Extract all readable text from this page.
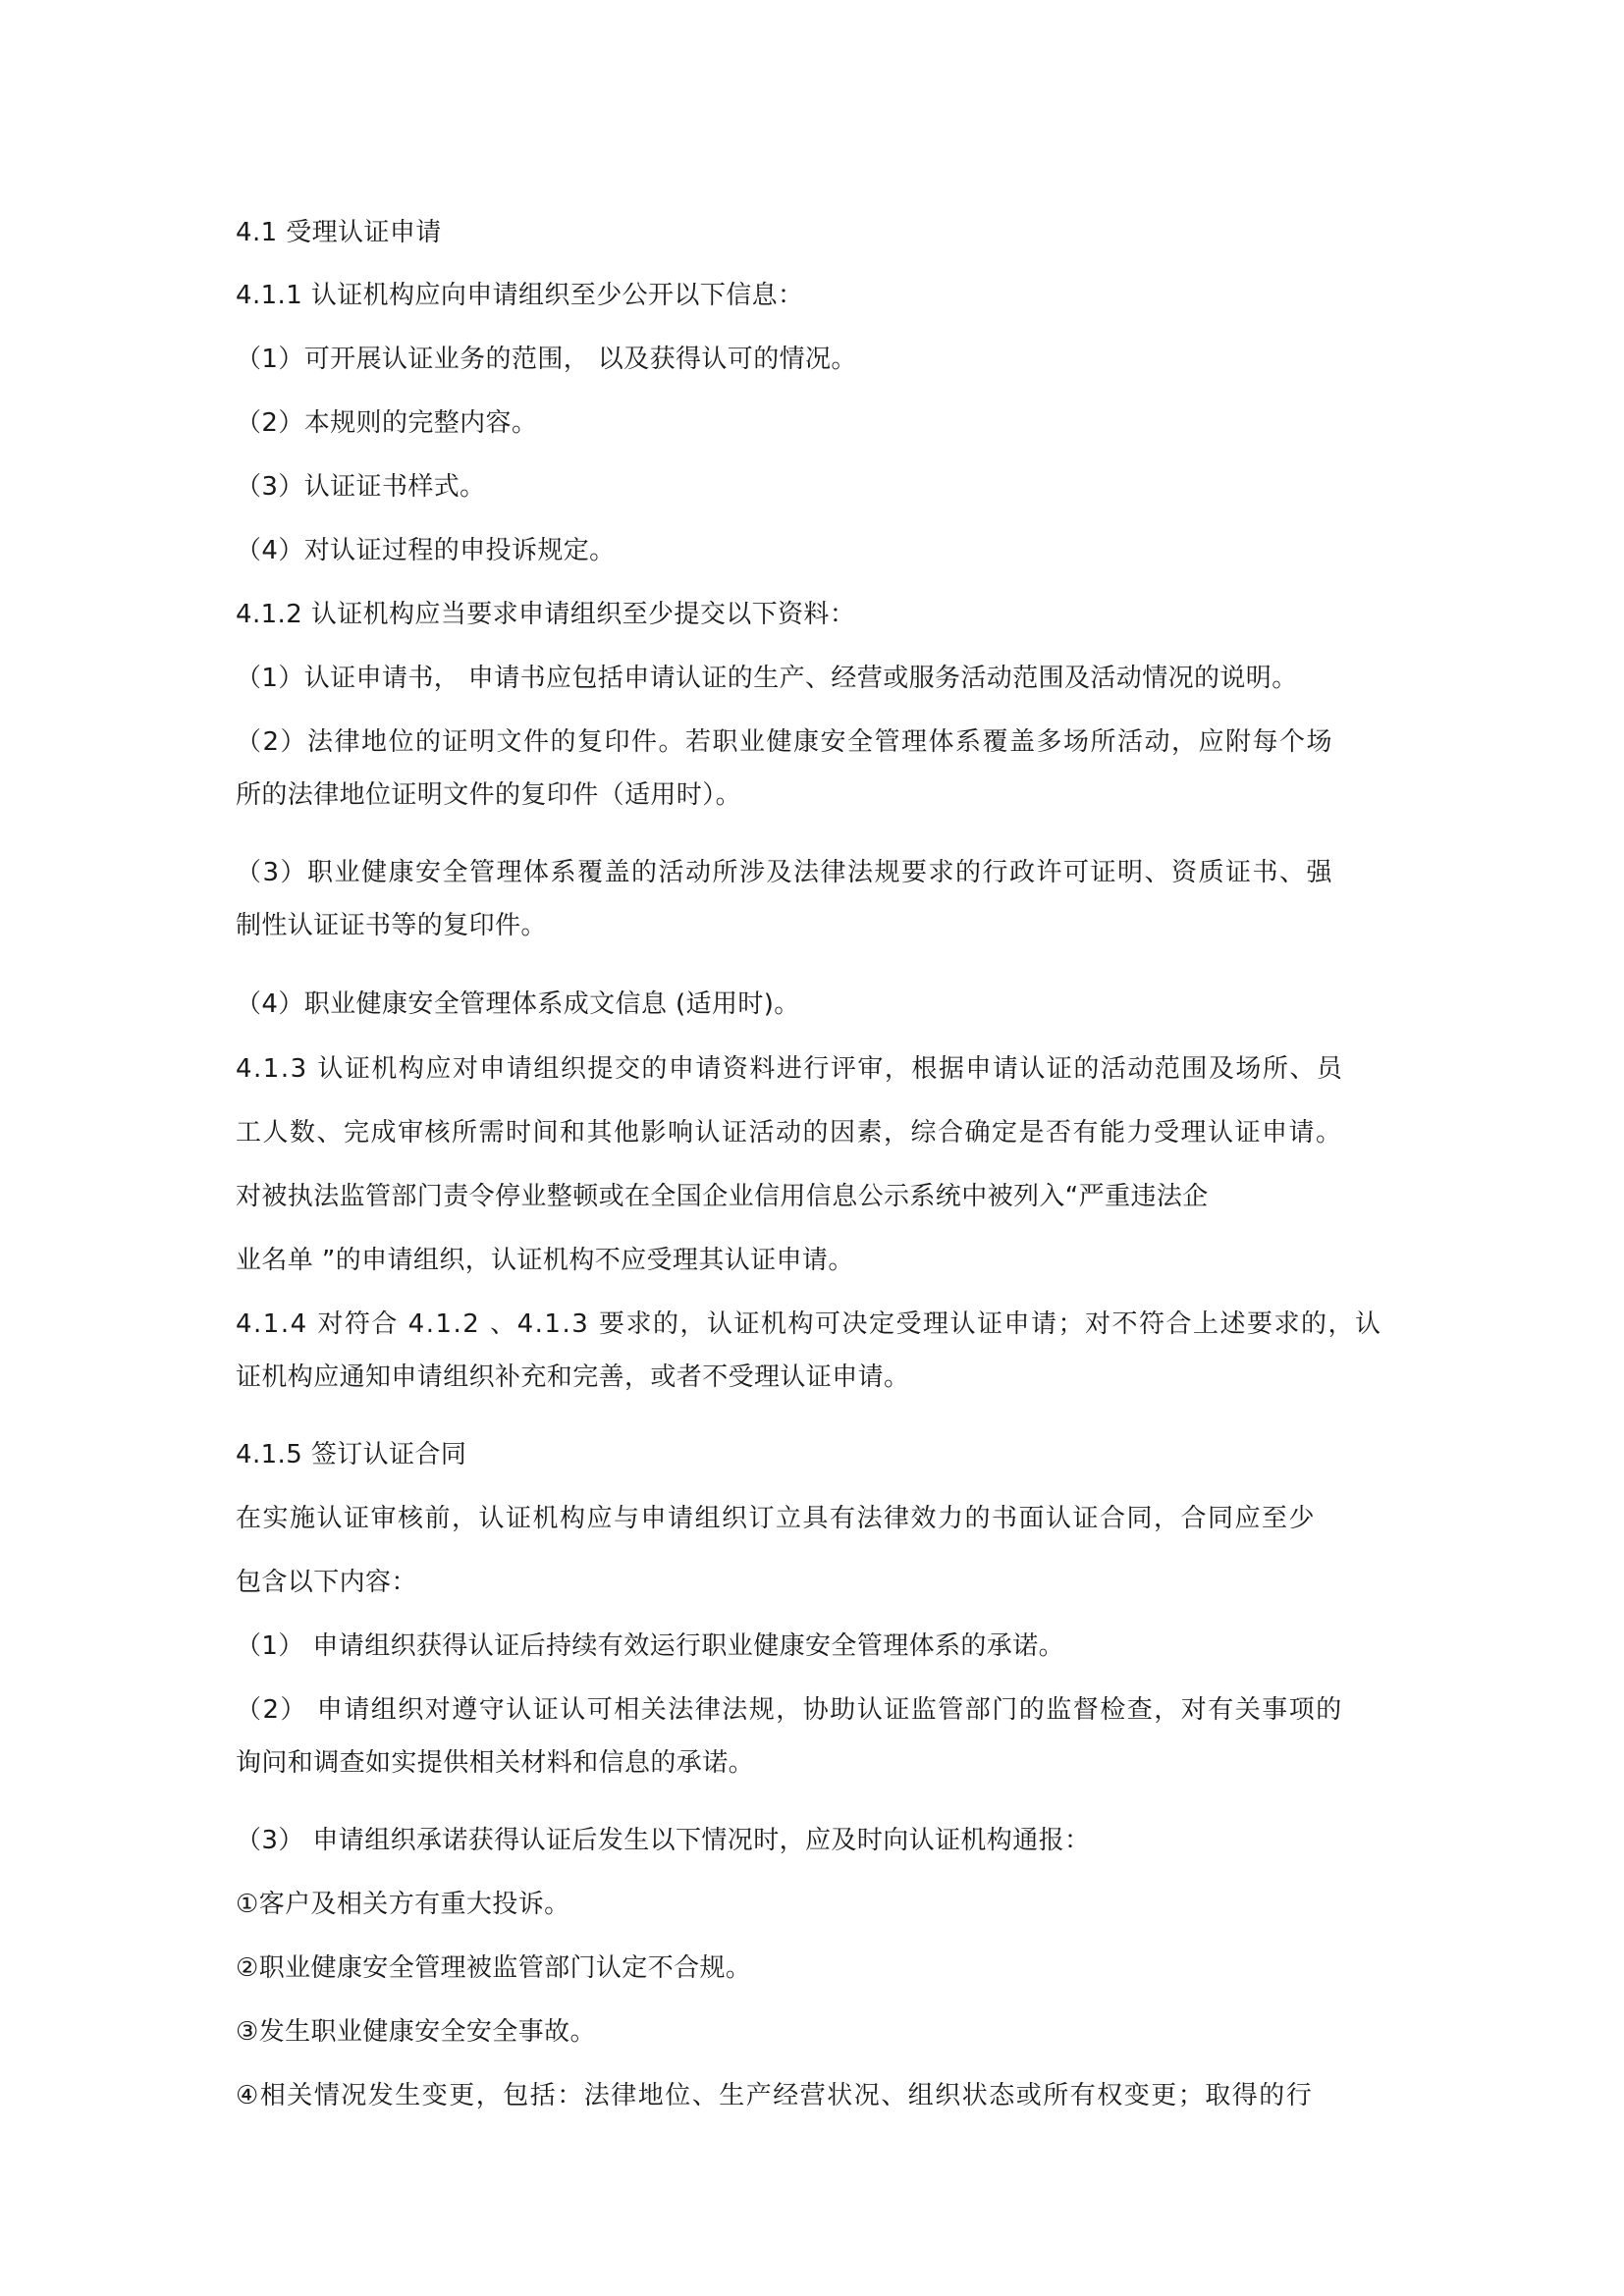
4.1 受理认证申请
4.1.1 认证机构应向申请组织至少公开以下信息：
（1）可开展认证业务的范围， 以及获得认可的情况。
（2）本规则的完整内容。
（3）认证证书样式。
（4）对认证过程的申投诉规定。
4.1.2 认证机构应当要求申请组织至少提交以下资料：
（1）认证申请书， 申请书应包括申请认证的生产、经营或服务活动范围及活动情况的说明。
（2）法律地位的证明文件的复印件。若职业健康安全管理体系覆盖多场所活动，应附每个场
所的法律地位证明文件的复印件（适用时）。
（3）职业健康安全管理体系覆盖的活动所涉及法律法规要求的行政许可证明、资质证书、强
制性认证证书等的复印件。
（4）职业健康安全管理体系成文信息 (适用时)。
4.1.3 认证机构应对申请组织提交的申请资料进行评审，根据申请认证的活动范围及场所、员
工人数、完成审核所需时间和其他影响认证活动的因素，综合确定是否有能力受理认证申请。
对被执法监管部门责令停业整顿或在全国企业信用信息公示系统中被列入“严重违法企
业名单 ”的申请组织，认证机构不应受理其认证申请。
4.1.4 对符合 4.1.2 、4.1.3 要求的，认证机构可决定受理认证申请；对不符合上述要求的，认
证机构应通知申请组织补充和完善，或者不受理认证申请。
4.1.5 签订认证合同
在实施认证审核前，认证机构应与申请组织订立具有法律效力的书面认证合同，合同应至少
包含以下内容：
（1） 申请组织获得认证后持续有效运行职业健康安全管理体系的承诺。
（2） 申请组织对遵守认证认可相关法律法规，协助认证监管部门的监督检查，对有关事项的
询问和调查如实提供相关材料和信息的承诺。
（3） 申请组织承诺获得认证后发生以下情况时，应及时向认证机构通报：
①客户及相关方有重大投诉。
②职业健康安全管理被监管部门认定不合规。
③发生职业健康安全安全事故。
④相关情况发生变更，包括：法律地位、生产经营状况、组织状态或所有权变更；取得的行
